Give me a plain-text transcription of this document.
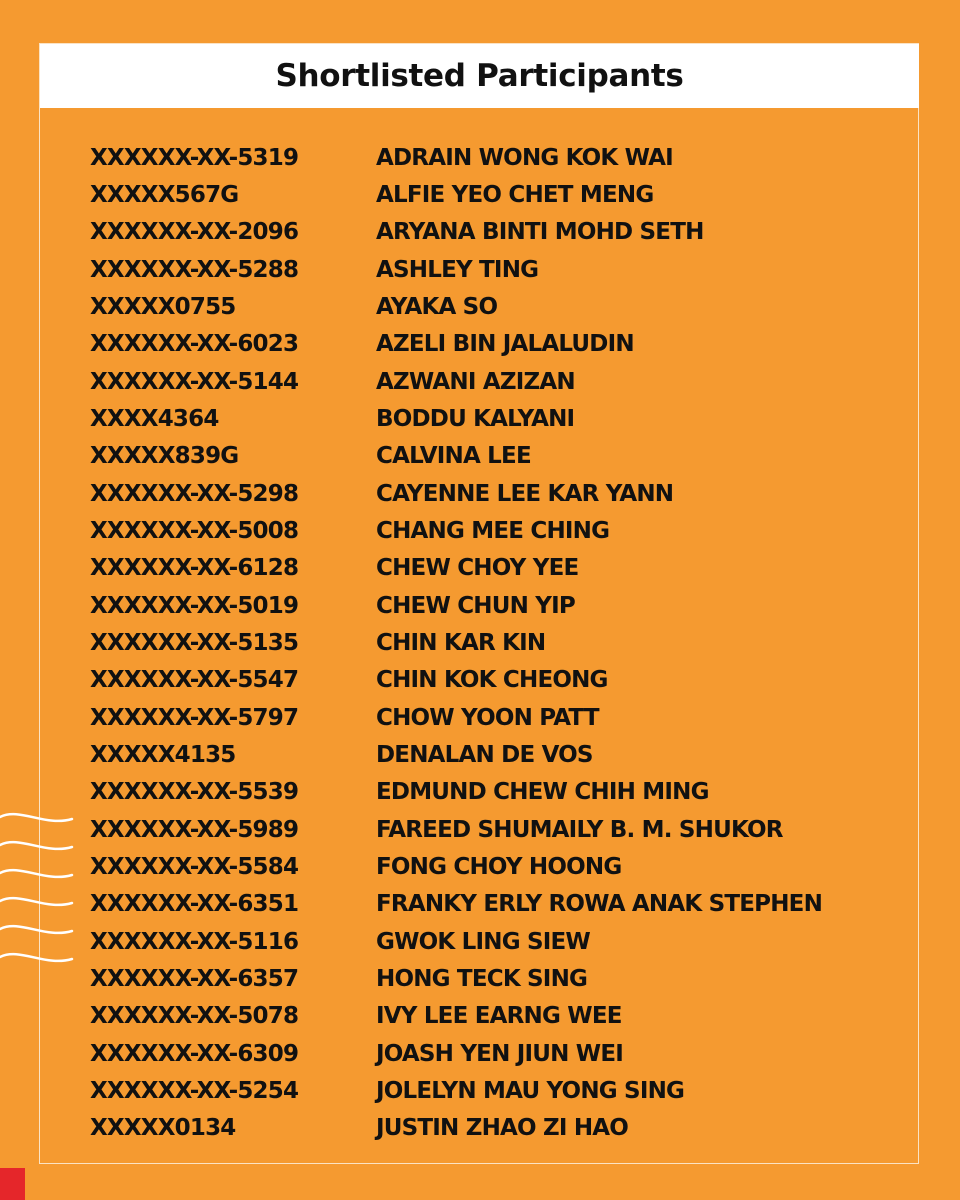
Shortlisted Participants
XXXXXX-XX-5319	ADRAIN WONG KOK WAI
XXXXX567G	ALFIE YEO CHET MENG
XXXXXX-XX-2096	ARYANA BINTI MOHD SETH
XXXXXX-XX-5288	ASHLEY TING
XXXXX0755	AYAKA SO
XXXXXX-XX-6023	AZELI BIN JALALUDIN
XXXXXX-XX-5144	AZWANI AZIZAN
XXXX4364	BODDU KALYANI
XXXXX839G	CALVINA LEE
XXXXXX-XX-5298	CAYENNE LEE KAR YANN
XXXXXX-XX-5008	CHANG MEE CHING
XXXXXX-XX-6128	CHEW CHOY YEE
XXXXXX-XX-5019	CHEW CHUN YIP
XXXXXX-XX-5135	CHIN KAR KIN
XXXXXX-XX-5547	CHIN KOK CHEONG
XXXXXX-XX-5797	CHOW YOON PATT
XXXXX4135	DENALAN DE VOS
XXXXXX-XX-5539	EDMUND CHEW CHIH MING
XXXXXX-XX-5989	FAREED SHUMAILY B. M. SHUKOR
XXXXXX-XX-5584	FONG CHOY HOONG
XXXXXX-XX-6351	FRANKY ERLY ROWA ANAK STEPHEN
XXXXXX-XX-5116	GWOK LING SIEW
XXXXXX-XX-6357	HONG TECK SING
XXXXXX-XX-5078	IVY LEE EARNG WEE
XXXXXX-XX-6309	JOASH YEN JIUN WEI
XXXXXX-XX-5254	JOLELYN MAU YONG SING
XXXXX0134	JUSTIN ZHAO ZI HAO
